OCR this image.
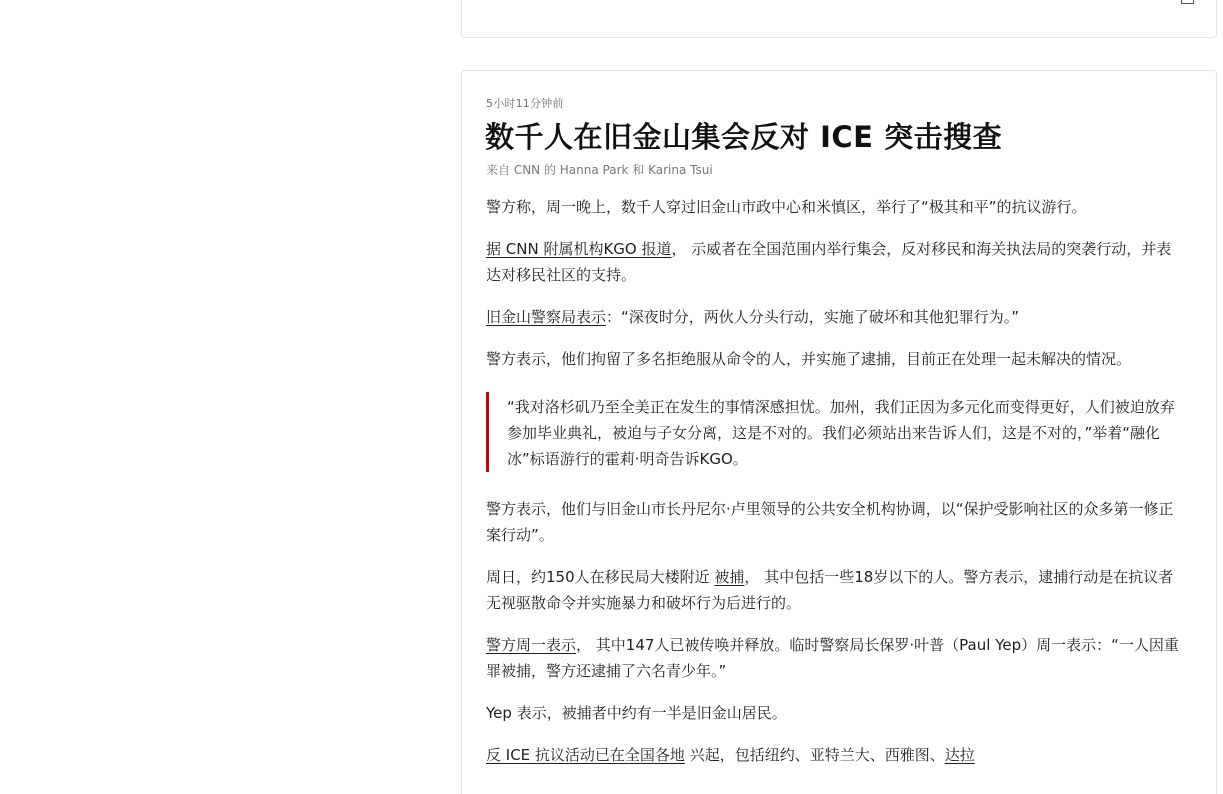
5小时11分钟前
数千人在旧金山集会反对 ICE 突击搜查
来自 CNN 的 Hanna Park 和 Karina Tsui

警方称，周一晚上，数千人穿过旧金山市政中心和米慎区，举行了“极其和平”的抗议游行。

据 CNN 附属机构KGO 报道， 示威者在全国范围内举行集会，反对移民和海关执法局的突袭行动，并表达对移民社区的支持。

旧金山警察局表示：“深夜时分，两伙人分头行动，实施了破坏和其他犯罪行为。”

警方表示，他们拘留了多名拒绝服从命令的人，并实施了逮捕，目前正在处理一起未解决的情况。

“我对洛杉矶乃至全美正在发生的事情深感担忧。加州，我们正因为多元化而变得更好，人们被迫放弃参加毕业典礼，被迫与子女分离，这是不对的。我们必须站出来告诉人们，这是不对的，”举着“融化冰”标语游行的霍莉·明奇告诉KGO。

警方表示，他们与旧金山市长丹尼尔·卢里领导的公共安全机构协调，以“保护受影响社区的众多第一修正案行动”。

周日，约150人在移民局大楼附近 被捕， 其中包括一些18岁以下的人。警方表示，逮捕行动是在抗议者无视驱散命令并实施暴力和破坏行为后进行的。

警方周一表示， 其中147人已被传唤并释放。临时警察局长保罗·叶普（Paul Yep）周一表示：“一人因重罪被捕，警方还逮捕了六名青少年。”

Yep 表示，被捕者中约有一半是旧金山居民。

反 ICE 抗议活动已在全国各地 兴起，包括纽约、亚特兰大、西雅图、达拉
